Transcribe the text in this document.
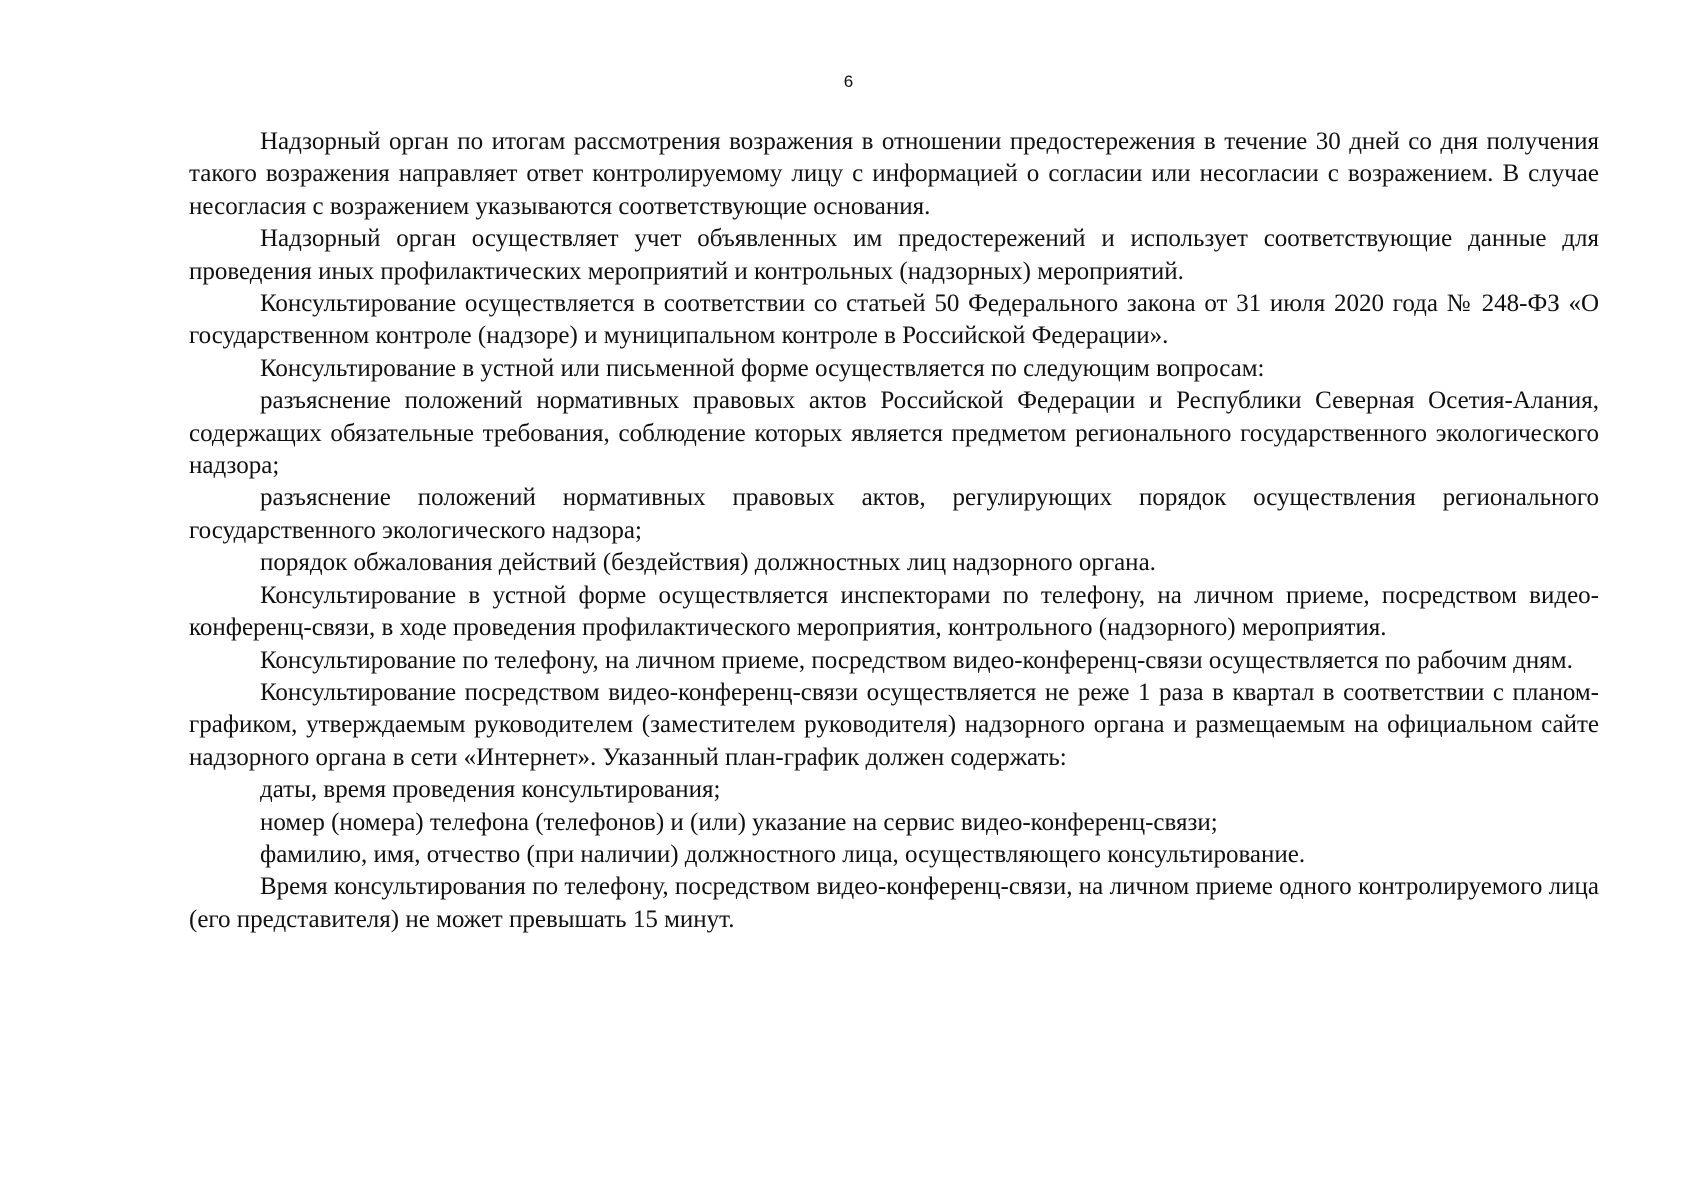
6

Надзорный орган по итогам рассмотрения возражения в отношении предостережения в течение 30 дней со дня получения такого возражения направляет ответ контролируемому лицу с информацией о согласии или несогласии с возражением. В случае несогласия с возражением указываются соответствующие основания.

Надзорный орган осуществляет учет объявленных им предостережений и использует соответствующие данные для проведения иных профилактических мероприятий и контрольных (надзорных) мероприятий.

Консультирование осуществляется в соответствии со статьей 50 Федерального закона от 31 июля 2020 года № 248-ФЗ «О государственном контроле (надзоре) и муниципальном контроле в Российской Федерации».

Консультирование в устной или письменной форме осуществляется по следующим вопросам:

разъяснение положений нормативных правовых актов Российской Федерации и Республики Северная Осетия-Алания, содержащих обязательные требования, соблюдение которых является предметом регионального государственного экологического надзора;

разъяснение положений нормативных правовых актов, регулирующих порядок осуществления регионального государственного экологического надзора;

порядок обжалования действий (бездействия) должностных лиц надзорного органа.

Консультирование в устной форме осуществляется инспекторами по телефону, на личном приеме, посредством видео-конференц-связи, в ходе проведения профилактического мероприятия, контрольного (надзорного) мероприятия.

Консультирование по телефону, на личном приеме, посредством видео-конференц-связи осуществляется по рабочим дням.

Консультирование посредством видео-конференц-связи осуществляется не реже 1 раза в квартал в соответствии с планом-графиком, утверждаемым руководителем (заместителем руководителя) надзорного органа и размещаемым на официальном сайте надзорного органа в сети «Интернет». Указанный план-график должен содержать:

даты, время проведения консультирования;

номер (номера) телефона (телефонов) и (или) указание на сервис видео-конференц-связи;

фамилию, имя, отчество (при наличии) должностного лица, осуществляющего консультирование.

Время консультирования по телефону, посредством видео-конференц-связи, на личном приеме одного контролируемого лица (его представителя) не может превышать 15 минут.
